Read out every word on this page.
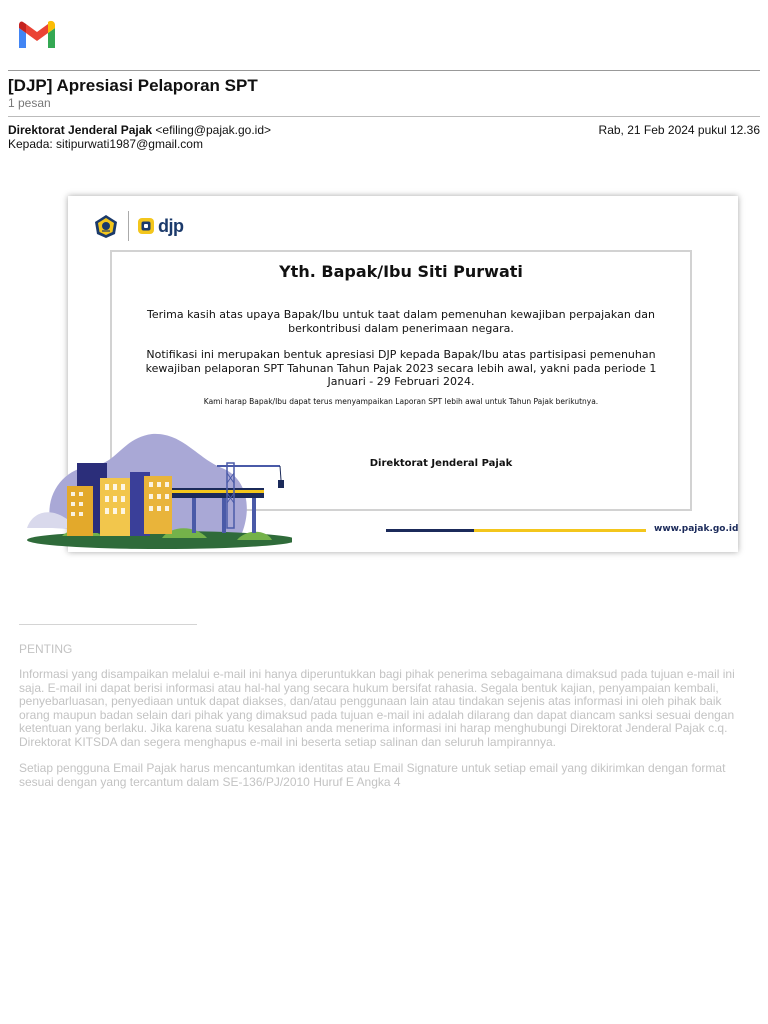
[DJP] Apresiasi Pelaporan SPT
1 pesan
Direktorat Jenderal Pajak <efiling@pajak.go.id>	Rab, 21 Feb 2024 pukul 12.36
Kepada: sitipurwati1987@gmail.com
djp
Yth. Bapak/Ibu Siti Purwati
Terima kasih atas upaya Bapak/Ibu untuk taat dalam pemenuhan kewajiban perpajakan dan berkontribusi dalam penerimaan negara.
Notifikasi ini merupakan bentuk apresiasi DJP kepada Bapak/Ibu atas partisipasi pemenuhan kewajiban pelaporan SPT Tahunan Tahun Pajak 2023 secara lebih awal, yakni pada periode 1 Januari - 29 Februari 2024.
Kami harap Bapak/Ibu dapat terus menyampaikan Laporan SPT lebih awal untuk Tahun Pajak berikutnya.
Direktorat Jenderal Pajak
www.pajak.go.id
PENTING
Informasi yang disampaikan melalui e-mail ini hanya diperuntukkan bagi pihak penerima sebagaimana dimaksud pada tujuan e-mail ini saja. E-mail ini dapat berisi informasi atau hal-hal yang secara hukum bersifat rahasia. Segala bentuk kajian, penyampaian kembali, penyebarluasan, penyediaan untuk dapat diakses, dan/atau penggunaan lain atau tindakan sejenis atas informasi ini oleh pihak baik orang maupun badan selain dari pihak yang dimaksud pada tujuan e-mail ini adalah dilarang dan dapat diancam sanksi sesuai dengan ketentuan yang berlaku. Jika karena suatu kesalahan anda menerima informasi ini harap menghubungi Direktorat Jenderal Pajak c.q. Direktorat KITSDA dan segera menghapus e-mail ini beserta setiap salinan dan seluruh lampirannya.
Setiap pengguna Email Pajak harus mencantumkan identitas atau Email Signature untuk setiap email yang dikirimkan dengan format sesuai dengan yang tercantum dalam SE-136/PJ/2010 Huruf E Angka 4
